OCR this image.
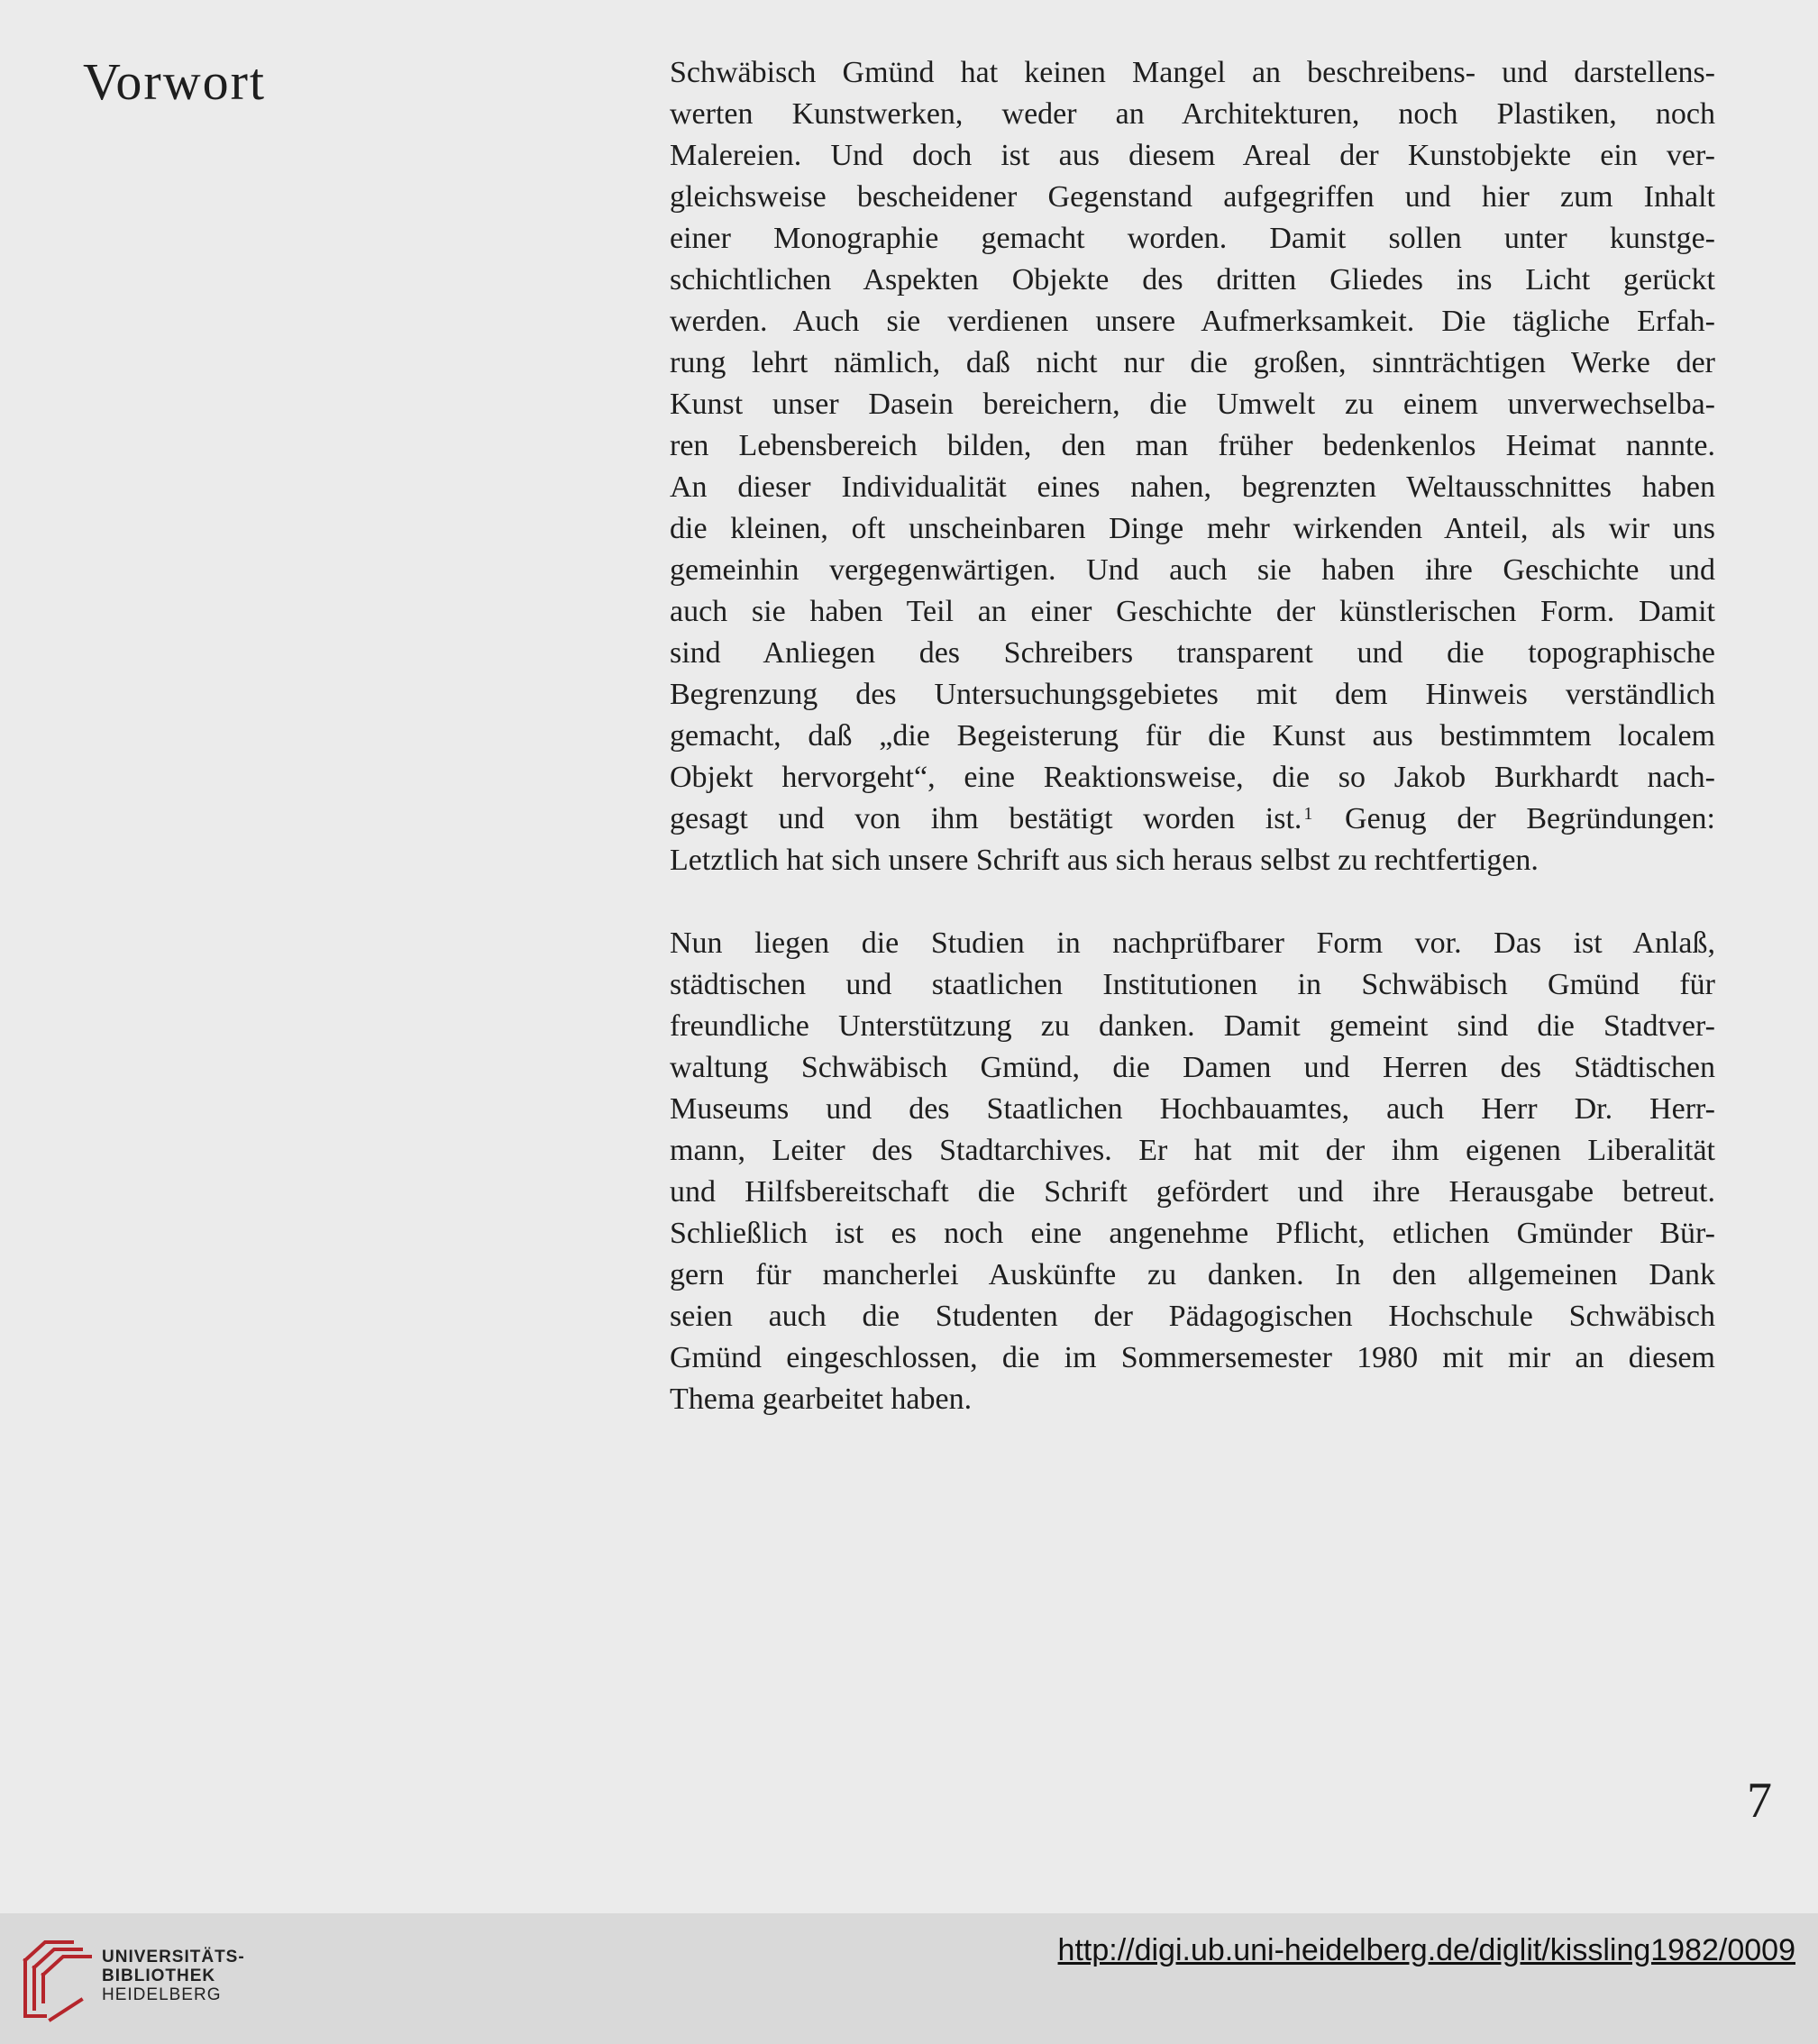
Vorwort	Schwäbisch Gmünd hat keinen Mangel an beschreibens- und darstellens-
werten Kunstwerken, weder an Architekturen, noch Plastiken, noch
Malereien. Und doch ist aus diesem Areal der Kunstobjekte ein ver-
gleichsweise bescheidener Gegenstand aufgegriffen und hier zum Inhalt
einer Monographie gemacht worden. Damit sollen unter kunstge-
schichtlichen Aspekten Objekte des dritten Gliedes ins Licht gerückt
werden. Auch sie verdienen unsere Aufmerksamkeit. Die tägliche Erfah-
rung lehrt nämlich, daß nicht nur die großen, sinnträchtigen Werke der
Kunst unser Dasein bereichern, die Umwelt zu einem unverwechselba-
ren Lebensbereich bilden, den man früher bedenkenlos Heimat nannte.
An dieser Individualität eines nahen, begrenzten Weltausschnittes haben
die kleinen, oft unscheinbaren Dinge mehr wirkenden Anteil, als wir uns
gemeinhin vergegenwärtigen. Und auch sie haben ihre Geschichte und
auch sie haben Teil an einer Geschichte der künstlerischen Form. Damit
sind Anliegen des Schreibers transparent und die topographische
Begrenzung des Untersuchungsgebietes mit dem Hinweis verständlich
gemacht, daß „die Begeisterung für die Kunst aus bestimmtem localem
Objekt hervorgeht“, eine Reaktionsweise, die so Jakob Burkhardt nach-
gesagt und von ihm bestätigt worden ist. $^1$ Genug der Begründungen:
Letztlich hat sich unsere Schrift aus sich heraus selbst zu rechtfertigen.

Nun liegen die Studien in nachprüfbarer Form vor. Das ist Anlaß,
städtischen und staatlichen Institutionen in Schwäbisch Gmünd für
freundliche Unterstützung zu danken. Damit gemeint sind die Stadtver-
waltung Schwäbisch Gmünd, die Damen und Herren des Städtischen
Museums und des Staatlichen Hochbauamtes, auch Herr Dr. Herr-
mann, Leiter des Stadtarchives. Er hat mit der ihm eigenen Liberalität
und Hilfsbereitschaft die Schrift gefördert und ihre Herausgabe betreut.
Schließlich ist es noch eine angenehme Pflicht, etlichen Gmünder Bür-
gern für mancherlei Auskünfte zu danken. In den allgemeinen Dank
seien auch die Studenten der Pädagogischen Hochschule Schwäbisch
Gmünd eingeschlossen, die im Sommersemester 1980 mit mir an diesem
Thema gearbeitet haben.

7
UNIVERSITÄTS-
BIBLIOTHEK
HEIDELBERG
http://digi.ub.uni-heidelberg.de/diglit/kissling1982/0009
